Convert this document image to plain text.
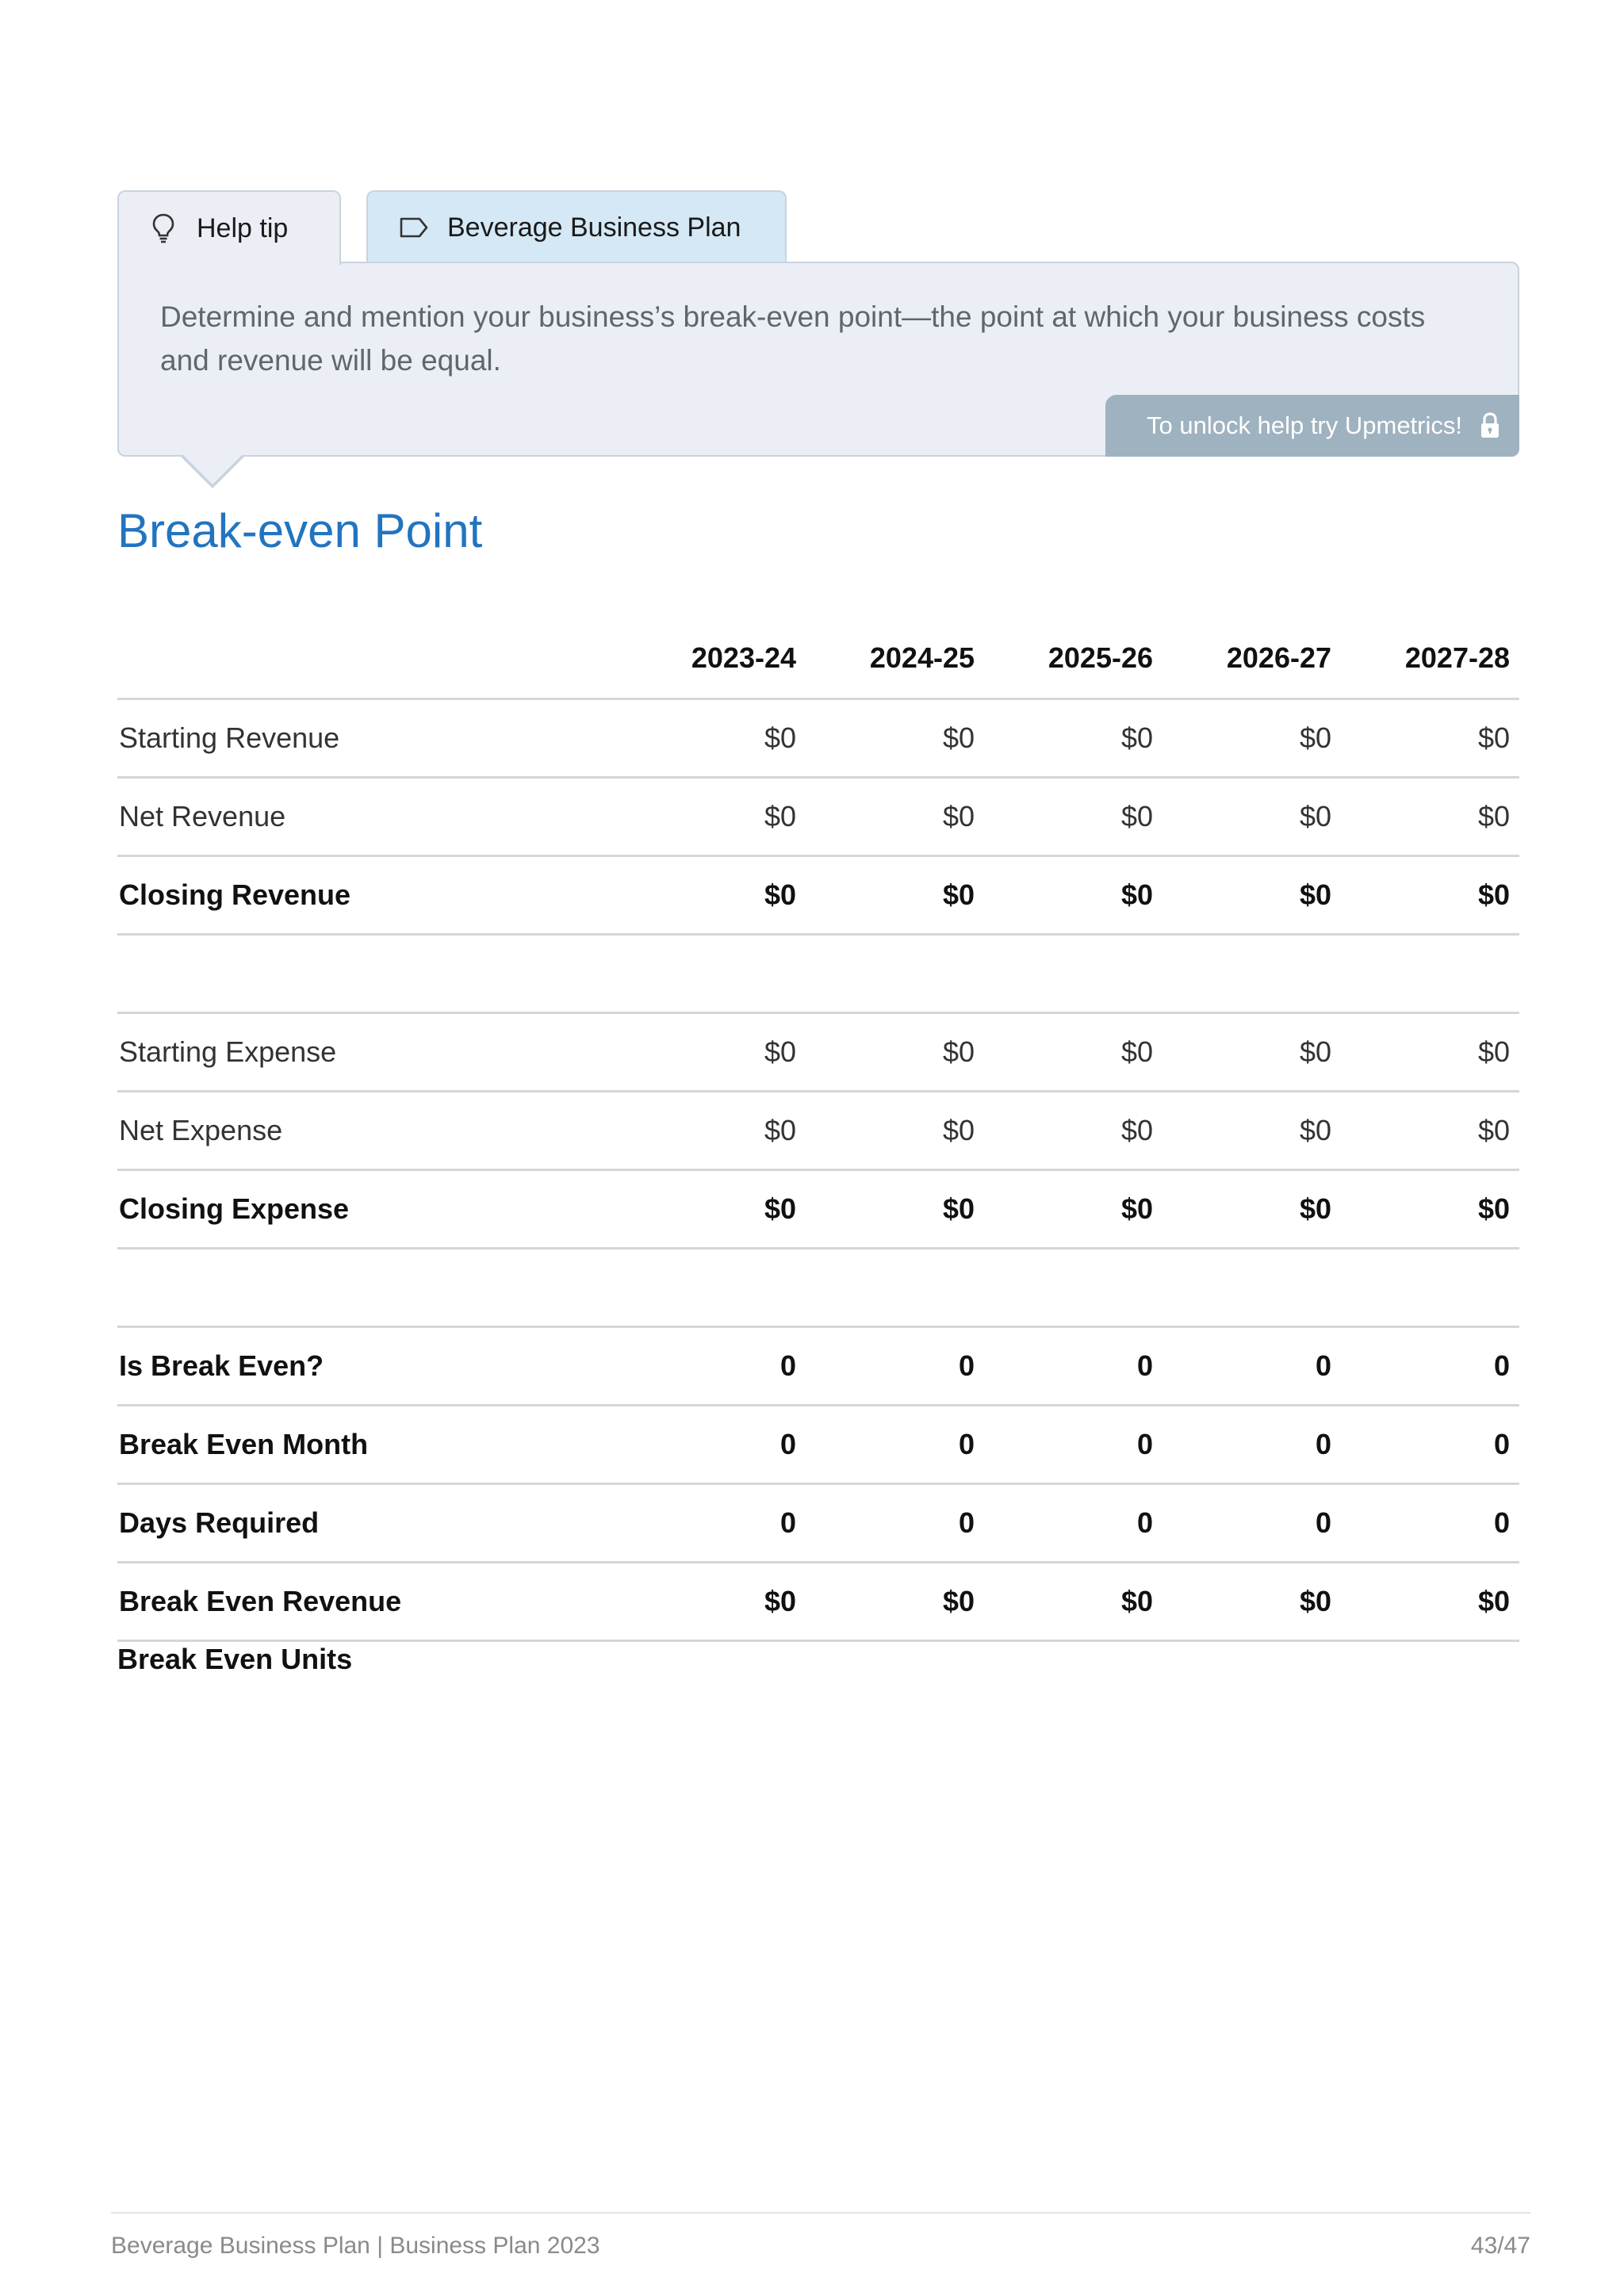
Help tip	Beverage Business Plan
Determine and mention your business’s break-even point—the point at which your business costs and revenue will be equal.
To unlock help try Upmetrics!
Break-even Point
2023-24	2024-25	2025-26	2026-27	2027-28
Starting Revenue	$0	$0	$0	$0	$0
Net Revenue	$0	$0	$0	$0	$0
Closing Revenue	$0	$0	$0	$0	$0
Starting Expense	$0	$0	$0	$0	$0
Net Expense	$0	$0	$0	$0	$0
Closing Expense	$0	$0	$0	$0	$0
Is Break Even?	0	0	0	0	0
Break Even Month	0	0	0	0	0
Days Required	0	0	0	0	0
Break Even Revenue	$0	$0	$0	$0	$0
Break Even Units
Beverage Business Plan | Business Plan 2023	43/47
